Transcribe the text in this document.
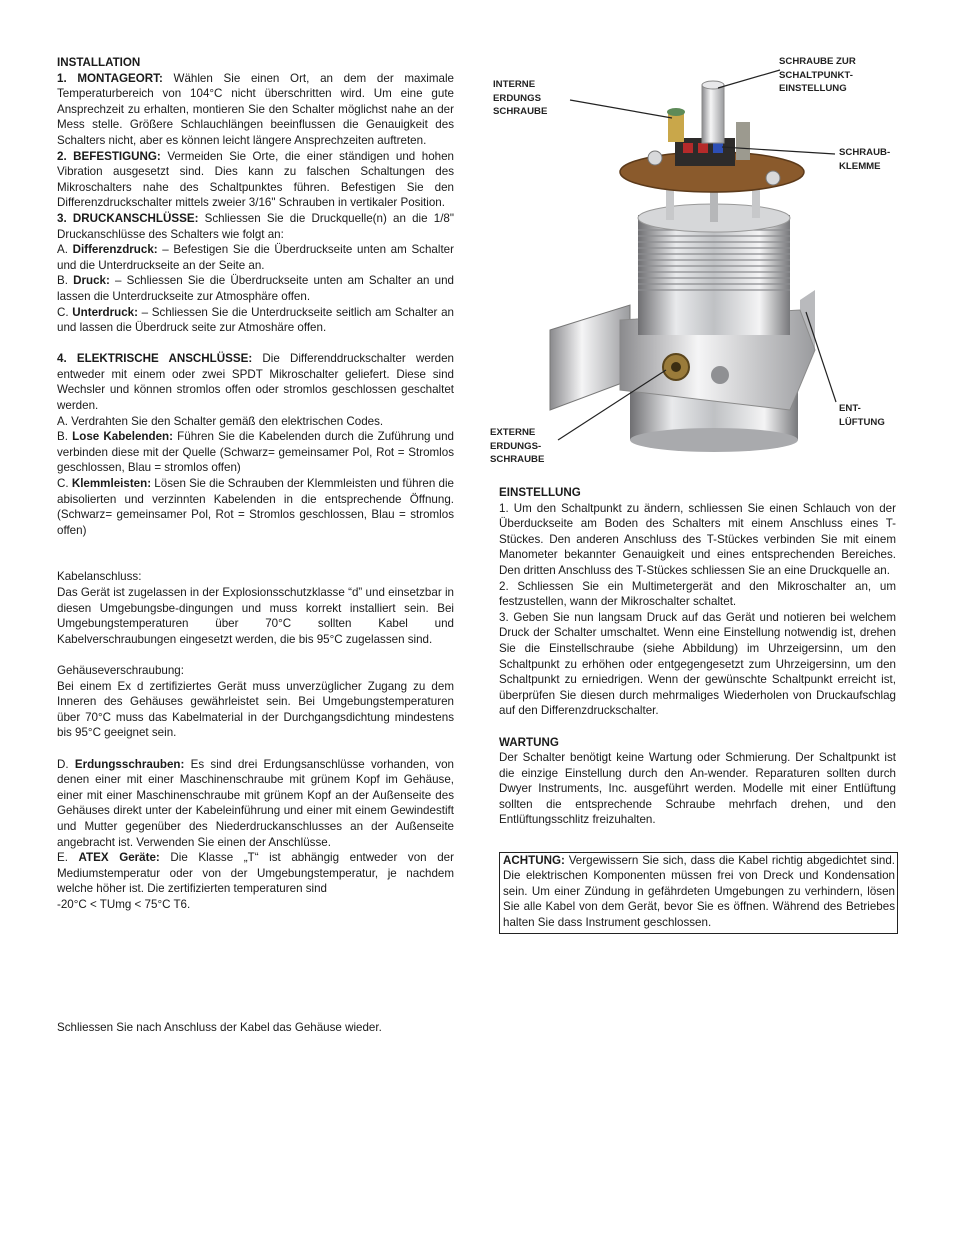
INSTALLATION

1. MONTAGEORT: Wählen Sie einen Ort, an dem der maximale Temperaturbereich von 104°C nicht überschritten wird. Um eine gute Ansprechzeit zu erhalten, montieren Sie den Schalter möglichst nahe an der Mess stelle. Größere Schlauchlängen beeinflussen die Genauigkeit des Schalters nicht, aber es können leicht längere Ansprechzeiten auftreten.

2. BEFESTIGUNG: Vermeiden Sie Orte, die einer ständigen und hohen Vibration ausgesetzt sind. Dies kann zu falschen Schaltungen des Mikroschalters nahe des Schaltpunktes führen. Befestigen Sie den Differenzdruckschalter mittels zweier 3/16" Schrauben in vertikaler Position.

3. DRUCKANSCHLÜSSE: Schliessen Sie die Druckquelle(n) an die 1/8" Druckanschlüsse des Schalters wie folgt an:

A. Differenzdruck: – Befestigen Sie die Überdruckseite unten am Schalter und die Unterdruckseite an der Seite an.

B. Druck: – Schliessen Sie die Überdruckseite unten am Schalter an und lassen die Unterdruckseite zur Atmosphäre offen.

C. Unterdruck: – Schliessen Sie die Unterdruckseite seitlich am Schalter an und lassen die Überdruck seite zur Atmoshäre offen.

4. ELEKTRISCHE ANSCHLÜSSE: Die Differenddruckschalter werden entweder mit einem oder zwei SPDT Mikroschalter geliefert. Diese sind Wechsler und können stromlos offen oder stromlos geschlossen geschaltet werden.

A. Verdrahten Sie den Schalter gemäß den elektrischen Codes.

B. Lose Kabelenden: Führen Sie die Kabelenden durch die Zuführung und verbinden diese mit der Quelle (Schwarz= gemeinsamer Pol, Rot = Stromlos geschlossen, Blau = stromlos offen)

C. Klemmleisten: Lösen Sie die Schrauben der Klemmleisten und führen die abisolierten und verzinnten Kabelenden in die entsprechende Öffnung. (Schwarz= gemeinsamer Pol, Rot = Stromlos geschlossen, Blau = stromlos offen)

Kabelanschluss:

Das Gerät ist zugelassen in der Explosionsschutzklasse “d” und einsetzbar in diesen Umgebungsbe-dingungen und muss korrekt installiert sein. Bei Umgebungstemperaturen über 70°C sollten Kabel und Kabelverschraubungen eingesetzt werden, die bis 95°C zugelassen sind.

Gehäuseverschraubung:

Bei einem Ex d zertifiziertes Gerät muss unverzüglicher Zugang zu dem Inneren des Gehäuses gewährleistet sein. Bei Umgebungstemperaturen über 70°C muss das Kabelmaterial in der Durchgangsdichtung mindestens bis 95°C geeignet sein.

D. Erdungsschrauben: Es sind drei Erdungsanschlüsse vorhanden, von denen einer mit einer Maschinenschraube mit grünem Kopf im Gehäuse, einer mit einer Maschinenschraube mit grünem Kopf an der Außenseite des Gehäuses direkt unter der Kabeleinführung und einer mit einem Gewindestift und Mutter gegenüber des Niederdruckanschlusses an der Außenseite angebracht ist. Verwenden Sie einen der Anschlüsse.

E. ATEX Geräte: Die Klasse „T“ ist abhängig entweder von der Mediumstemperatur oder von der Umgebungstemperatur, je nachdem welche höher ist. Die zertifizierten temperaturen sind

-20°C < TUmg < 75°C T6.

Schliessen Sie nach Anschluss der Kabel das Gehäuse wieder.

SCHRAUBE ZUR
SCHALTPUNKT-
EINSTELLUNG
INTERNE
ERDUNGS
SCHRAUBE
SCHRAUB-
KLEMME
ENT-
LÜFTUNG
EXTERNE
ERDUNGS-
SCHRAUBE

EINSTELLUNG

1. Um den Schaltpunkt zu ändern, schliessen Sie einen Schlauch von der Überduckseite am Boden des Schalters mit einem Anschluss eines T-Stückes. Den anderen Anschluss des T-Stückes verbinden Sie mit einem Manometer bekannter Genauigkeit und eines entsprechenden Bereiches. Den dritten Anschluss des T-Stückes schliessen Sie an eine Druckquelle an.

2. Schliessen Sie ein Multimetergerät and den Mikroschalter an, um festzustellen, wann der Mikroschalter schaltet.

3. Geben Sie nun langsam Druck auf das Gerät und notieren bei welchem Druck der Schalter umschaltet. Wenn eine Einstellung notwendig ist, drehen Sie die Einstellschraube (siehe Abbildung) im Uhrzeigersinn, um den Schaltpunkt zu erhöhen oder entgegengesetzt zum Uhrzeigersinn, um den Schaltpunkt zu erniedrigen. Wenn der gewünschte Schaltpunkt erreicht ist, überprüfen Sie diesen durch mehrmaliges Wiederholen von Druckaufschlag auf den Differenzdruckschalter.

WARTUNG

Der Schalter benötigt keine Wartung oder Schmierung. Der Schaltpunkt ist die einzige Einstellung durch den An-wender. Reparaturen sollten durch Dwyer Instruments, Inc. ausgeführt werden. Modelle mit einer Entlüftung sollten die entsprechende Schraube mehrfach drehen, und den Entlüftungsschlitz freizuhalten.

ACHTUNG: Vergewissern Sie sich, dass die Kabel richtig abgedichtet sind. Die elektrischen Komponenten müssen frei von Dreck und Kondensation sein. Um einer Zündung in gefährdeten Umgebungen zu verhindern, lösen Sie alle Kabel von dem Gerät, bevor Sie es öffnen. Während des Betriebes halten Sie dass Instrument geschlossen.
